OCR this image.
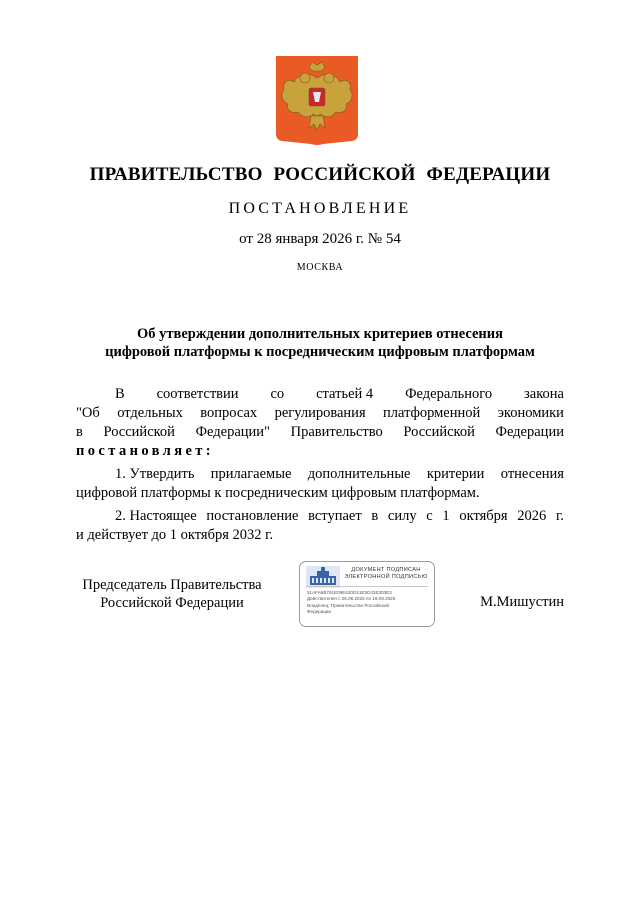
ПРАВИТЕЛЬСТВО РОССИЙСКОЙ ФЕДЕРАЦИИ
ПОСТАНОВЛЕНИЕ
от 28 января 2026 г. № 54
МОСКВА
Об утверждении дополнительных критериев отнесения
цифровой платформы к посредническим цифровым платформам
В соответствии со статьей 4 Федерального закона
"Об отдельных вопросах регулирования платформенной экономики
в Российской Федерации" Правительство Российской Федерации
постановляет:
1. Утвердить прилагаемые дополнительные критерии отнесения
цифровой платформы к посредническим цифровым платформам.
2. Настоящее постановление вступает в силу с 1 октября 2026 г.
и действует до 1 октября 2032 г.
Председатель Правительства
Российской Федерации
ДОКУМЕНТ ПОДПИСАН
ЭЛЕКТРОННОЙ ПОДПИСЬЮ
51AFA6B781E09E420D41E5D43E303E3
Действителен с 26.06.2025 по 19.09.2026
Владелец: Правительство Российской
Федерации
М.Мишустин
